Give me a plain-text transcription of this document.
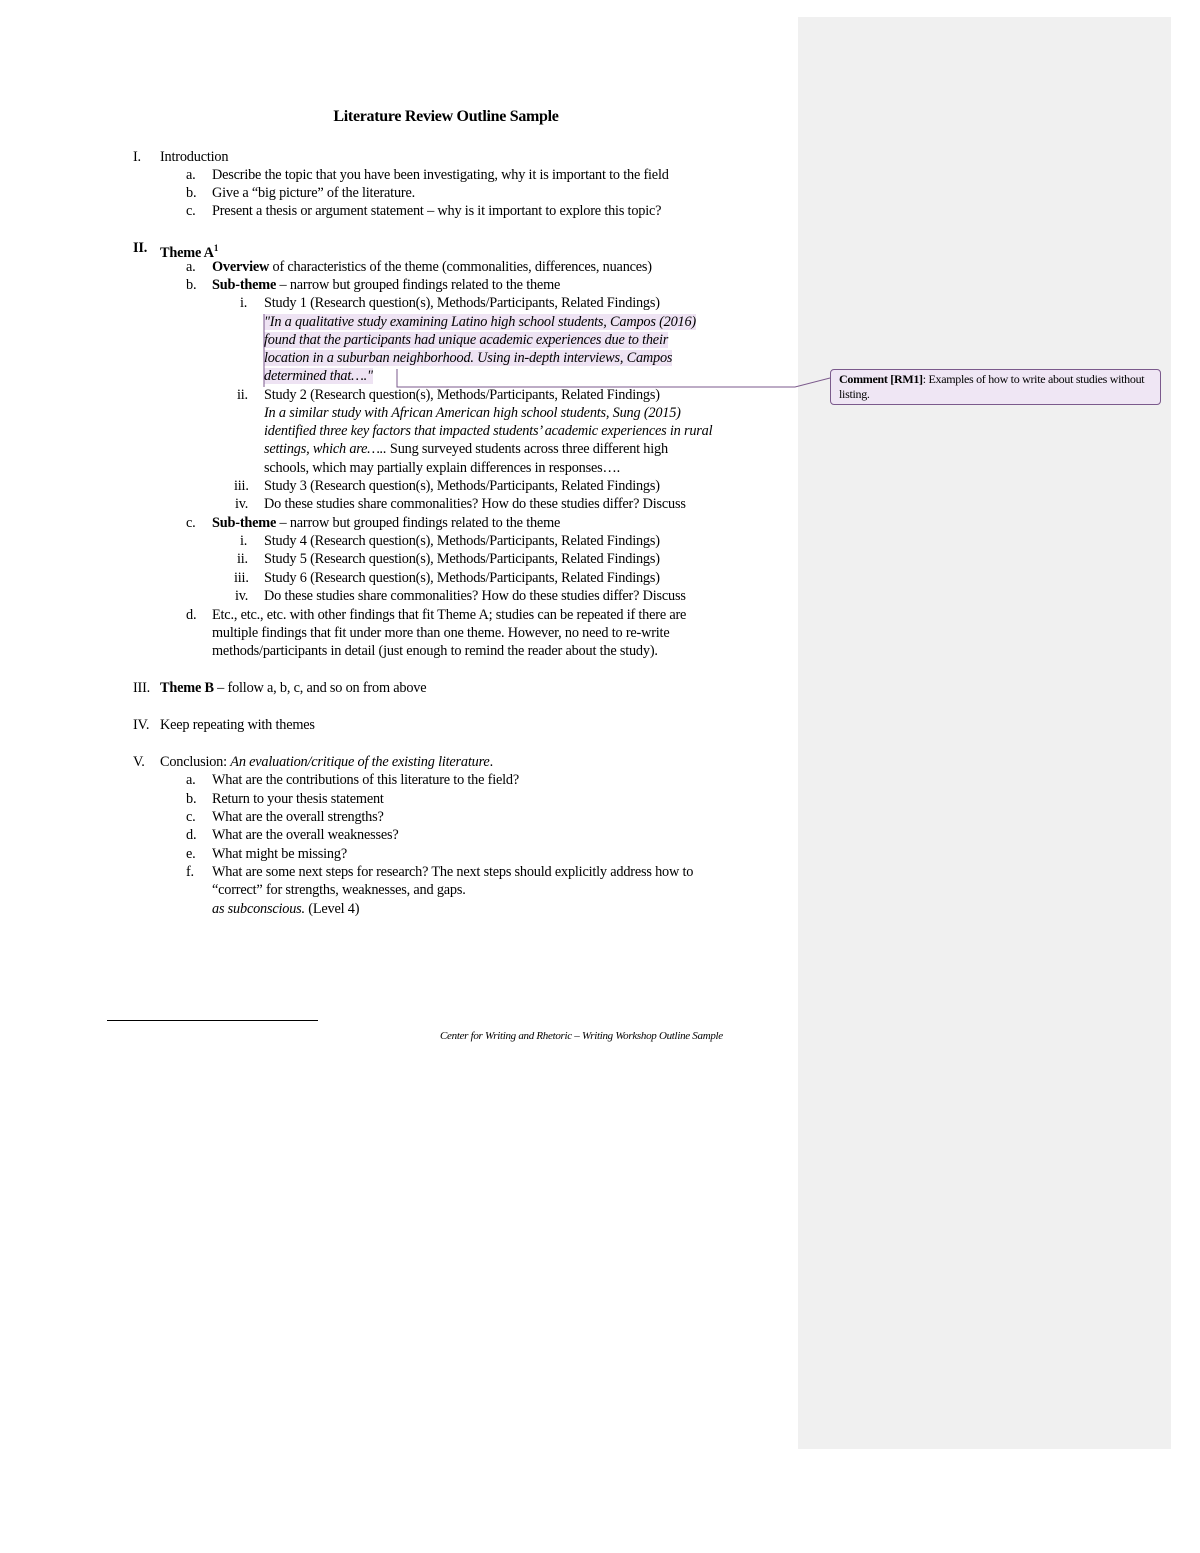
Literature Review Outline Sample
I. Introduction
a. Describe the topic that you have been investigating, why it is important to the field
b. Give a “big picture” of the literature.
c. Present a thesis or argument statement – why is it important to explore this topic?
II. Theme $A^1$
a. Overview of characteristics of the theme (commonalities, differences, nuances)
b. Sub-theme – narrow but grouped findings related to the theme
i. Study 1 (Research question(s), Methods/Participants, Related Findings)
"In a qualitative study examining Latino high school students, Campos (2016)
found that the participants had unique academic experiences due to their
location in a suburban neighborhood. Using in-depth interviews, Campos
determined that…."
ii. Study 2 (Research question(s), Methods/Participants, Related Findings)
In a similar study with African American high school students, Sung (2015)
identified three key factors that impacted students’ academic experiences in rural
settings, which are….. Sung surveyed students across three different high
schools, which may partially explain differences in responses….
iii. Study 3 (Research question(s), Methods/Participants, Related Findings)
iv. Do these studies share commonalities? How do these studies differ? Discuss
c. Sub-theme – narrow but grouped findings related to the theme
i. Study 4 (Research question(s), Methods/Participants, Related Findings)
ii. Study 5 (Research question(s), Methods/Participants, Related Findings)
iii. Study 6 (Research question(s), Methods/Participants, Related Findings)
iv. Do these studies share commonalities? How do these studies differ? Discuss
d. Etc., etc., etc. with other findings that fit Theme A; studies can be repeated if there are
multiple findings that fit under more than one theme. However, no need to re-write
methods/participants in detail (just enough to remind the reader about the study).
III. Theme B – follow a, b, c, and so on from above
IV. Keep repeating with themes
V. Conclusion: An evaluation/critique of the existing literature.
a. What are the contributions of this literature to the field?
b. Return to your thesis statement
c. What are the overall strengths?
d. What are the overall weaknesses?
e. What might be missing?
f. What are some next steps for research? The next steps should explicitly address how to
“correct” for strengths, weaknesses, and gaps.
as subconscious. (Level 4)
Center for Writing and Rhetoric – Writing Workshop Outline Sample
Comment [RM1]: Examples of how to write about studies without listing.
